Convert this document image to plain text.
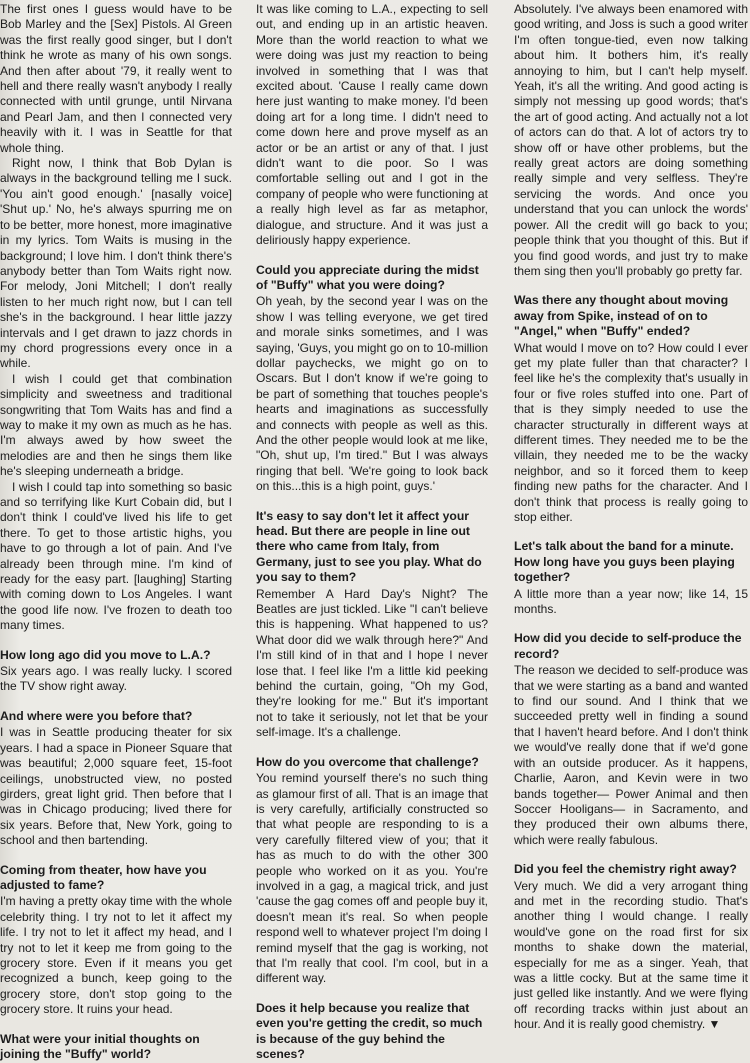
The first ones I guess would have to be Bob Marley and the [Sex] Pistols. Al Green was the first really good singer, but I don't think he wrote as many of his own songs. And then after about '79, it really went to hell and there really wasn't anybody I really connected with until grunge, until Nirvana and Pearl Jam, and then I connected very heavily with it. I was in Seattle for that whole thing.

Right now, I think that Bob Dylan is always in the background telling me I suck. 'You ain't good enough.' [nasally voice] 'Shut up.' No, he's always spurring me on to be better, more honest, more imaginative in my lyrics. Tom Waits is musing in the background; I love him. I don't think there's anybody better than Tom Waits right now. For melody, Joni Mitchell; I don't really listen to her much right now, but I can tell she's in the background. I hear little jazzy intervals and I get drawn to jazz chords in my chord progressions every once in a while.

I wish I could get that combination simplicity and sweetness and traditional songwriting that Tom Waits has and find a way to make it my own as much as he has. I'm always awed by how sweet the melodies are and then he sings them like he's sleeping underneath a bridge.

I wish I could tap into something so basic and so terrifying like Kurt Cobain did, but I don't think I could've lived his life to get there. To get to those artistic highs, you have to go through a lot of pain. And I've already been through mine. I'm kind of ready for the easy part. [laughing] Starting with coming down to Los Angeles. I want the good life now. I've frozen to death too many times.

How long ago did you move to L.A.?

Six years ago. I was really lucky. I scored the TV show right away.

And where were you before that?

I was in Seattle producing theater for six years. I had a space in Pioneer Square that was beautiful; 2,000 square feet, 15-foot ceilings, unobstructed view, no posted girders, great light grid. Then before that I was in Chicago producing; lived there for six years. Before that, New York, going to school and then bartending.

Coming from theater, how have you adjusted to fame?

I'm having a pretty okay time with the whole celebrity thing. I try not to let it affect my life. I try not to let it affect my head, and I try not to let it keep me from going to the grocery store. Even if it means you get recognized a bunch, keep going to the grocery store, don't stop going to the grocery store. It ruins your head.

What were your initial thoughts on joining the "Buffy" world?

It was like coming to L.A., expecting to sell out, and ending up in an artistic heaven. More than the world reaction to what we were doing was just my reaction to being involved in something that I was that excited about. 'Cause I really came down here just wanting to make money. I'd been doing art for a long time. I didn't need to come down here and prove myself as an actor or be an artist or any of that. I just didn't want to die poor. So I was comfortable selling out and I got in the company of people who were functioning at a really high level as far as metaphor, dialogue, and structure. And it was just a deliriously happy experience.

Could you appreciate during the midst of "Buffy" what you were doing?

Oh yeah, by the second year I was on the show I was telling everyone, we get tired and morale sinks sometimes, and I was saying, 'Guys, you might go on to 10-million dollar paychecks, we might go on to Oscars. But I don't know if we're going to be part of something that touches people's hearts and imaginations as successfully and connects with people as well as this. And the other people would look at me like, "Oh, shut up, I'm tired." But I was always ringing that bell. 'We're going to look back on this...this is a high point, guys.'

It's easy to say don't let it affect your head. But there are people in line out there who came from Italy, from Germany, just to see you play. What do you say to them?

Remember A Hard Day's Night? The Beatles are just tickled. Like "I can't believe this is happening. What happened to us? What door did we walk through here?" And I'm still kind of in that and I hope I never lose that. I feel like I'm a little kid peeking behind the curtain, going, "Oh my God, they're looking for me." But it's important not to take it seriously, not let that be your self-image. It's a challenge.

How do you overcome that challenge?

You remind yourself there's no such thing as glamour first of all. That is an image that is very carefully, artificially constructed so that what people are responding to is a very carefully filtered view of you; that it has as much to do with the other 300 people who worked on it as you. You're involved in a gag, a magical trick, and just 'cause the gag comes off and people buy it, doesn't mean it's real. So when people respond well to whatever project I'm doing I remind myself that the gag is working, not that I'm really that cool. I'm cool, but in a different way.

Does it help because you realize that even you're getting the credit, so much is because of the guy behind the scenes?

Absolutely. I've always been enamored with good writing, and Joss is such a good writer I'm often tongue-tied, even now talking about him. It bothers him, it's really annoying to him, but I can't help myself. Yeah, it's all the writing. And good acting is simply not messing up good words; that's the art of good acting. And actually not a lot of actors can do that. A lot of actors try to show off or have other problems, but the really great actors are doing something really simple and very selfless. They're servicing the words. And once you understand that you can unlock the words' power. All the credit will go back to you; people think that you thought of this. But if you find good words, and just try to make them sing then you'll probably go pretty far.

Was there any thought about moving away from Spike, instead of on to "Angel," when "Buffy" ended?

What would I move on to? How could I ever get my plate fuller than that character? I feel like he's the complexity that's usually in four or five roles stuffed into one. Part of that is they simply needed to use the character structurally in different ways at different times. They needed me to be the villain, they needed me to be the wacky neighbor, and so it forced them to keep finding new paths for the character. And I don't think that process is really going to stop either.

Let's talk about the band for a minute. How long have you guys been playing together?

A little more than a year now; like 14, 15 months.

How did you decide to self-produce the record?

The reason we decided to self-produce was that we were starting as a band and wanted to find our sound. And I think that we succeeded pretty well in finding a sound that I haven't heard before. And I don't think we would've really done that if we'd gone with an outside producer. As it happens, Charlie, Aaron, and Kevin were in two bands together— Power Animal and then Soccer Hooligans— in Sacramento, and they produced their own albums there, which were really fabulous.

Did you feel the chemistry right away?

Very much. We did a very arrogant thing and met in the recording studio. That's another thing I would change. I really would've gone on the road first for six months to shake down the material, especially for me as a singer. Yeah, that was a little cocky. But at the same time it just gelled like instantly. And we were flying off recording tracks within just about an hour. And it is really good chemistry. ▼
